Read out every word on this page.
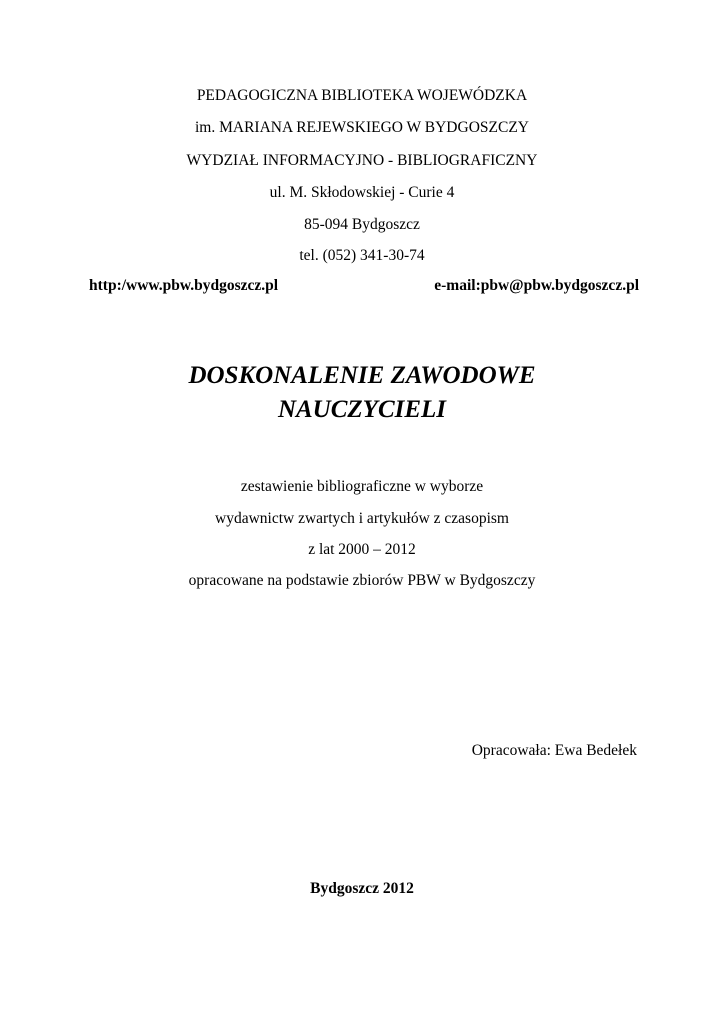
PEDAGOGICZNA BIBLIOTEKA WOJEWÓDZKA
im. MARIANA REJEWSKIEGO W BYDGOSZCZY
WYDZIAŁ INFORMACYJNO - BIBLIOGRAFICZNY
ul. M. Skłodowskiej - Curie 4
85-094 Bydgoszcz
tel. (052) 341-30-74
http:/www.pbw.bydgoszcz.pl	e-mail:pbw@pbw.bydgoszcz.pl
DOSKONALENIE ZAWODOWE
NAUCZYCIELI
zestawienie bibliograficzne w wyborze
wydawnictw zwartych i artykułów z czasopism
z lat 2000 – 2012
opracowane na podstawie zbiorów PBW w Bydgoszczy
Opracowała: Ewa Bedełek
Bydgoszcz 2012
